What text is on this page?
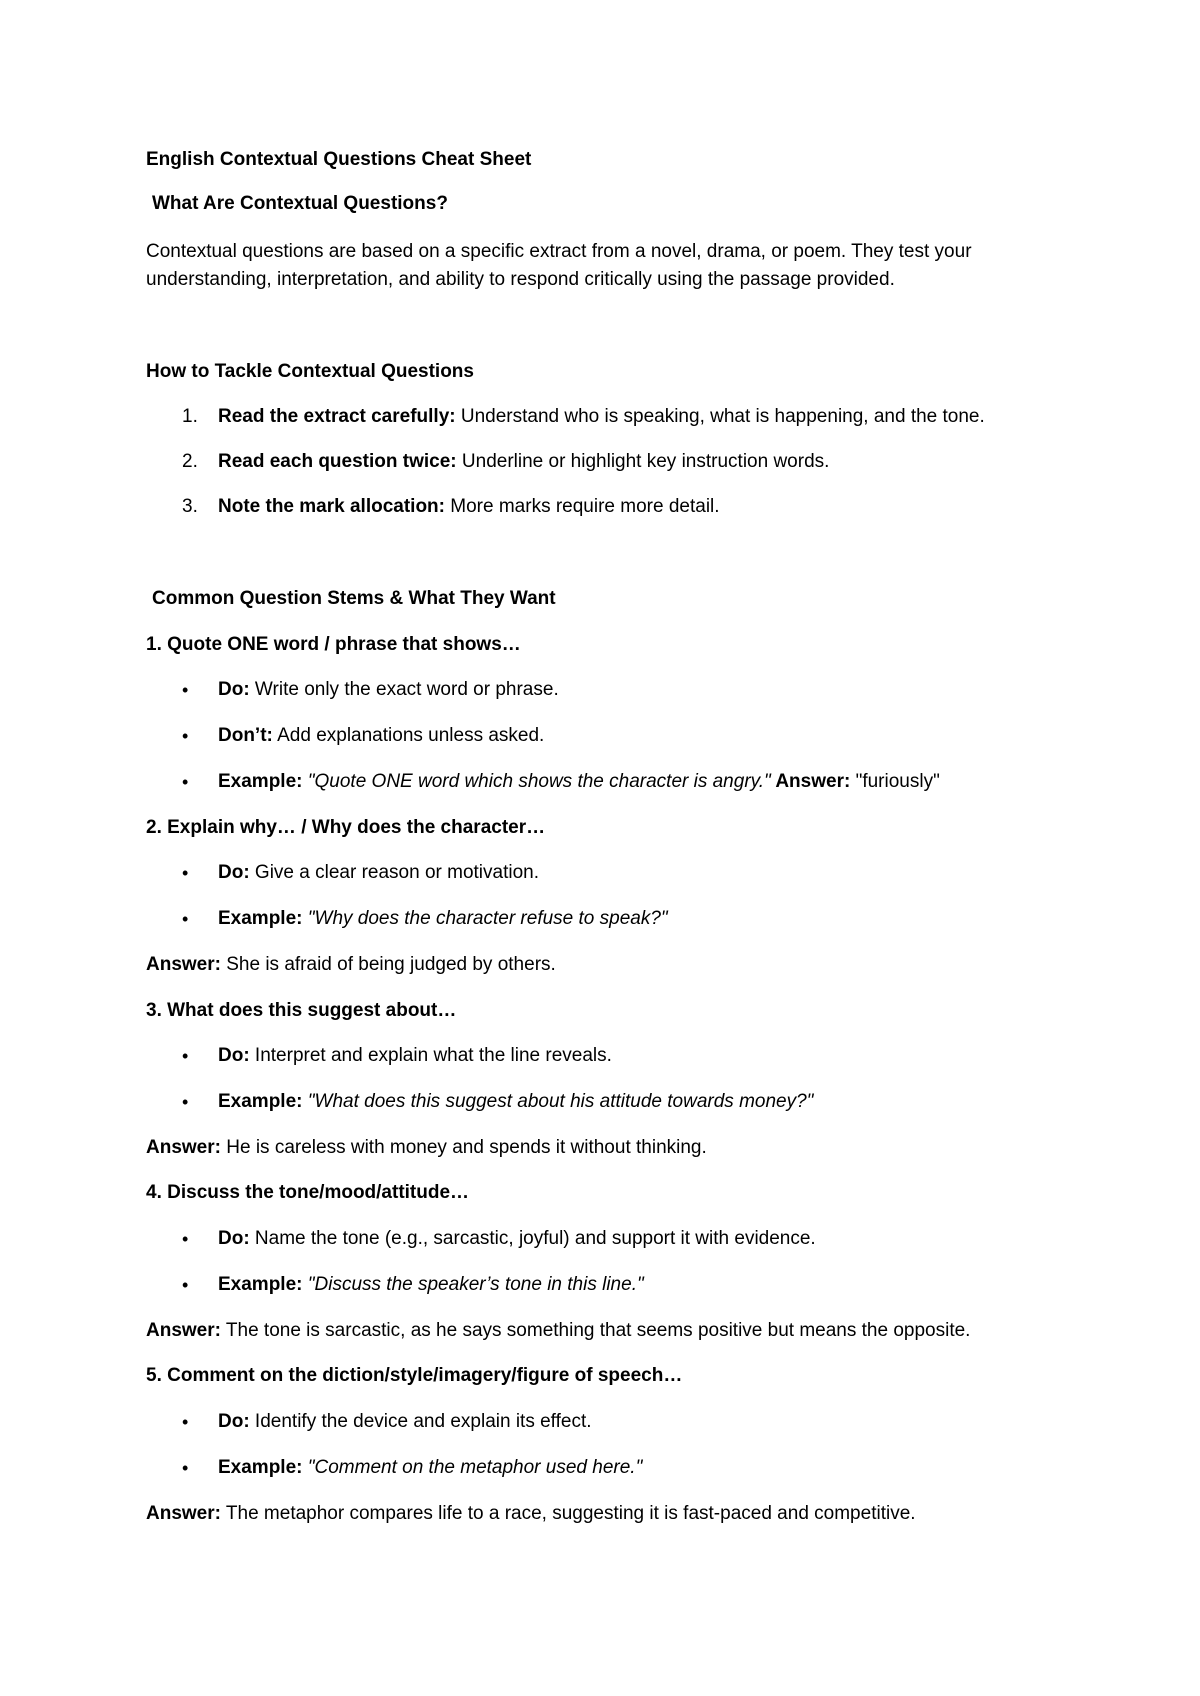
English Contextual Questions Cheat Sheet
What Are Contextual Questions?
Contextual questions are based on a specific extract from a novel, drama, or poem. They test your
understanding, interpretation, and ability to respond critically using the passage provided.
How to Tackle Contextual Questions
1. Read the extract carefully: Understand who is speaking, what is happening, and the tone.
2. Read each question twice: Underline or highlight key instruction words.
3. Note the mark allocation: More marks require more detail.
Common Question Stems & What They Want
1. Quote ONE word / phrase that shows…
• Do: Write only the exact word or phrase.
• Don’t: Add explanations unless asked.
• Example: "Quote ONE word which shows the character is angry." Answer: "furiously"
2. Explain why… / Why does the character…
• Do: Give a clear reason or motivation.
• Example: "Why does the character refuse to speak?"
Answer: She is afraid of being judged by others.
3. What does this suggest about…
• Do: Interpret and explain what the line reveals.
• Example: "What does this suggest about his attitude towards money?"
Answer: He is careless with money and spends it without thinking.
4. Discuss the tone/mood/attitude…
• Do: Name the tone (e.g., sarcastic, joyful) and support it with evidence.
• Example: "Discuss the speaker’s tone in this line."
Answer: The tone is sarcastic, as he says something that seems positive but means the opposite.
5. Comment on the diction/style/imagery/figure of speech…
• Do: Identify the device and explain its effect.
• Example: "Comment on the metaphor used here."
Answer: The metaphor compares life to a race, suggesting it is fast-paced and competitive.
